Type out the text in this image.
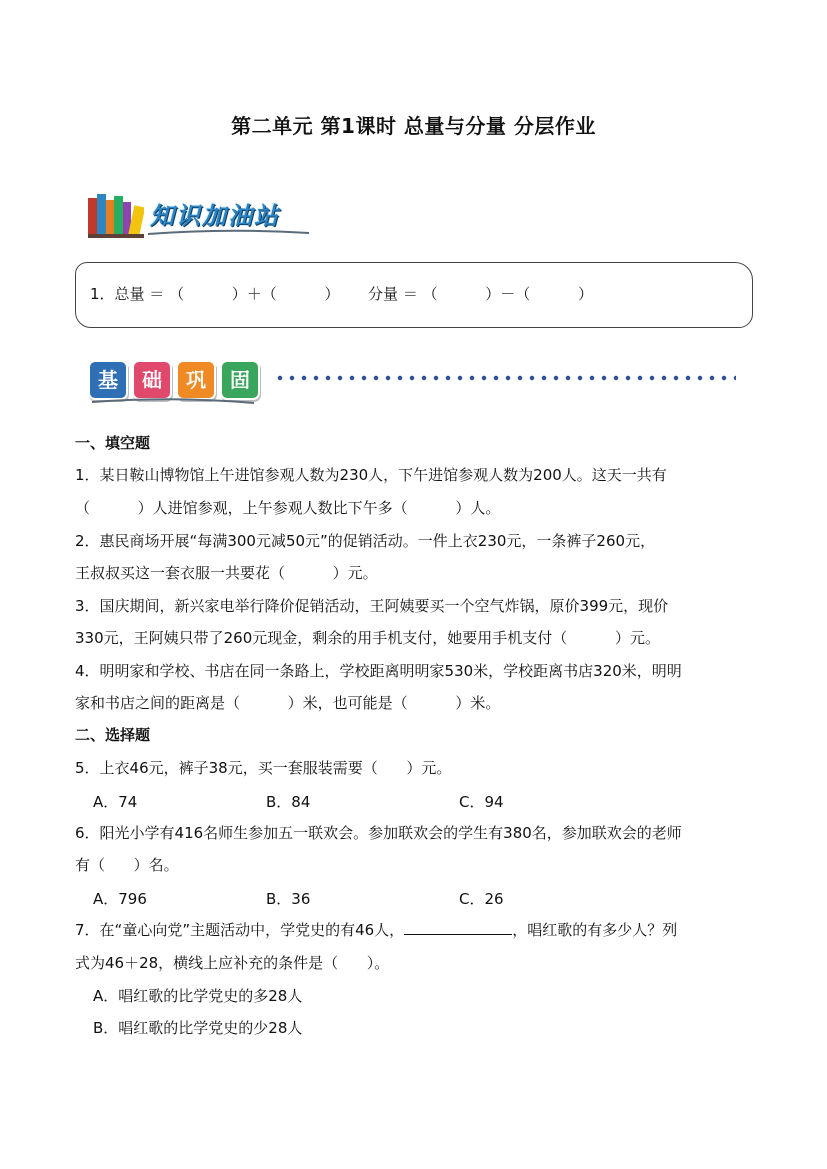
第二单元 第1课时 总量与分量 分层作业
知识加油站
1．总量 ＝ （          ）＋（          ）      分量 ＝ （          ）－（          ）
基	础	巩	固
一、填空题
1．某日鞍山博物馆上午进馆参观人数为230人，下午进馆参观人数为200人。这天一共有
（          ）人进馆参观，上午参观人数比下午多（          ）人。
2．惠民商场开展“每满300元减50元”的促销活动。一件上衣230元，一条裤子260元，
王叔叔买这一套衣服一共要花（          ）元。
3．国庆期间，新兴家电举行降价促销活动，王阿姨要买一个空气炸锅，原价399元，现价
330元，王阿姨只带了260元现金，剩余的用手机支付，她要用手机支付（          ）元。
4．明明家和学校、书店在同一条路上，学校距离明明家530米，学校距离书店320米，明明
家和书店之间的距离是（          ）米，也可能是（          ）米。
二、选择题
5．上衣46元，裤子38元，买一套服装需要（      ）元。
A．74	B．84	C．94
6．阳光小学有416名师生参加五一联欢会。参加联欢会的学生有380名，参加联欢会的老师
有（      ）名。
A．796	B．36	C．26
7．在“童心向党”主题活动中，学党史的有46人，	，唱红歌的有多少人？列
式为46＋28，横线上应补充的条件是（      ）。
A．唱红歌的比学党史的多28人
B．唱红歌的比学党史的少28人
